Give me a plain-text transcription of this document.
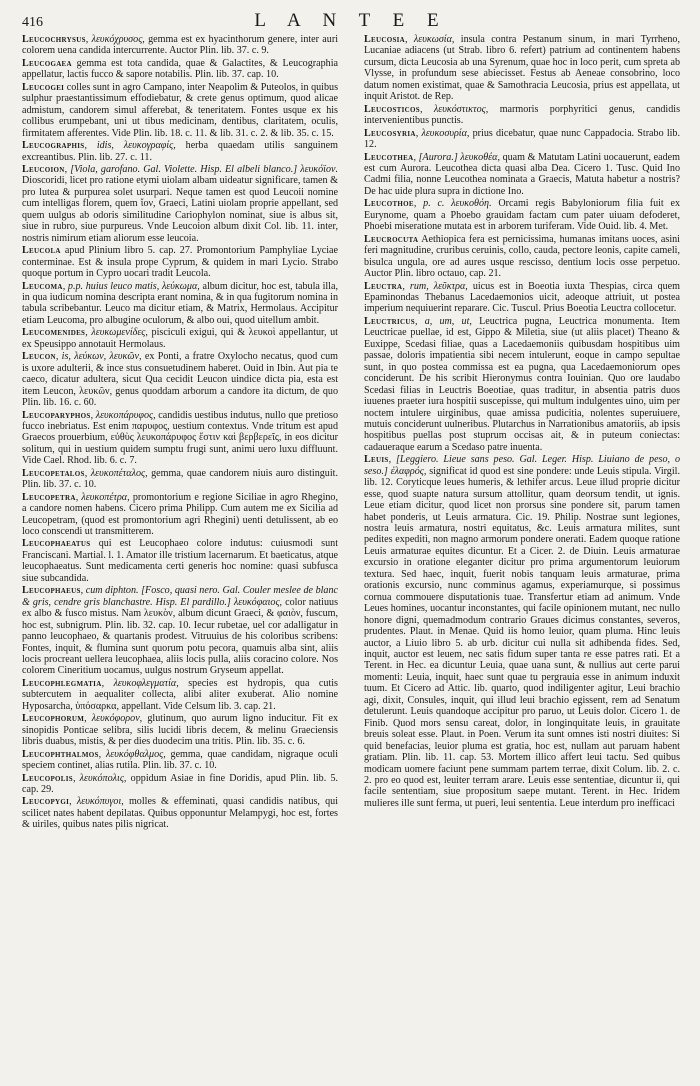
416	L A N T E E

Leucochrysus, λευκόχρυσος, gemma est ex hyacinthorum genere, inter auri colorem uena candida intercurrente. Auctor Plin. lib. 37. c. 9.

Leucogaea gemma est tota candida, quae & Galactites, & Leucographia appellatur, lactis fucco & sapore notabilis. Plin. lib. 37. cap. 10.

Leucogei colles sunt in agro Campano, inter Neapolim & Puteolos, in quibus sulphur praestantissimum effodiebatur, & crete genus optimum, quod alicae admistum, candorem simul afferebat, & teneritatem. Fontes usque ex his collibus erumpebant, uni ut tibus medicinam, dentibus, claritatem, oculis, firmitatem afferentes. Vide Plin. lib. 18. c. 11. & lib. 31. c. 2. & lib. 35. c. 15.

Leucographis, idis, λευκογραφίς, herba quaedam utilis sanguinem excreantibus. Plin. lib. 27. c. 11.

Leucoion, [Viola, garofano. Gal. Violette. Hisp. El albeli blanco.] λευκόϊον. Dioscoridi, licet pro ratione etymi uiolam albam uideatur significare, tamen & pro lutea & purpurea solet usurpari. Neque tamen est quod Leucoii nomine cum intelligas florem, quem ἴον, Graeci, Latini uiolam proprie appellant, sed quem uulgus ab odoris similitudine Cariophylon nominat, siue is albus sit, siue in rubro, siue purpureus. Vnde Leucoion album dixit Col. lib. 11. inter, nostris nimirum etiam aliorum esse leucoia.

Leucola apud Plinium libro 5. cap. 27. Promontorium Pamphyliae Lyciae conterminae. Est & insula prope Cyprum, & quidem in mari Lycio. Strabo quoque portum in Cypro uocari tradit Leucola.

Leucoma, p.p. huius leuco matis, λεύκωμα, album dicitur, hoc est, tabula illa, in qua iudicum nomina descripta erant nomina, & in qua fugitorum nomina in tabula scribebantur. Leuco ma dicitur etiam, & Matrix, Hermolaus. Accipitur etiam Leucoma, pro albugine oculorum, & albo oui, quod uitellum ambit.

Leucomenides, λευκωμενίδες, pisciculi exigui, qui & λευκοὶ appellantur, ut ex Speusippo annotauit Hermolaus.

Leucon, is, λεύκων, λευκῶν, ex Ponti, a fratre Oxylocho necatus, quod cum is uxore adulterii, & ince stus consuetudinem haberet. Ouid in Ibin. Aut pia te caeco, dicatur adultera, sicut Qua cecidit Leucon uindice dicta pia, esta est item Leucon, λευκῶν, genus quoddam arborum a candore ita dictum, de quo Plin. lib. 16. c. 60.

Leucoparyphos, λευκοπάρυφος, candidis uestibus indutus, nullo que pretioso fucco inebriatus. Est enim παρυφος, uestium contextus. Vnde tritum est apud Graecos prouerbium, εὐθὺς λευκοπάρυφος ἔστιν καὶ βερβερεῖς, in eos dicitur solitum, qui in uestium quidem sumptu frugi sunt, animi uero luxu diffluunt. Vide Cael. Rhod. lib. 6. c. 7.

Leucopetalos, λευκοπέταλος, gemma, quae candorem niuis auro distinguit. Plin. lib. 37. c. 10.

Leucopetra, λευκοπέτρα, promontorium e regione Siciliae in agro Rhegino, a candore nomen habens. Cicero prima Philipp. Cum autem me ex Sicilia ad Leucopetram, (quod est promontorium agri Rhegini) uenti detulissent, ab eo loco conscendi ut transmitterem.

Leucophaeatus qui est Leucophaeo colore indutus: cuiusmodi sunt Franciscani. Martial. l. 1. Amator ille tristium lacernarum. Et baeticatus, atque leucophaeatus. Sunt medicamenta certi generis hoc nomine: quasi subfusca siue subcandida.

Leucophaeus, cum diphton. [Fosco, quasi nero. Gal. Couler meslee de blanc & gris, cendre gris blanchastre. Hisp. El pardillo.] λευκόφαιος, color natiuus ex albo & fusco mistus. Nam λευκὸν, album dicunt Graeci, & φαιὸν, fuscum, hoc est, subnigrum. Plin. lib. 32. cap. 10. Iecur rubetae, uel cor adalligatur in panno leucophaeo, & quartanis prodest. Vitruuius de his coloribus scribens: Fontes, inquit, & flumina sunt quorum potu pecora, quamuis alba sint, aliis locis procreant uellera leucophaea, aliis locis pulla, aliis coracino colore. Nos colorem Cineritium uocamus, uulgus nostrum Gryseum appellat.

Leucophlegmatia, λευκοφλεγματία, species est hydropis, qua cutis subtercutem in aequaliter collecta, alibi aliter exuberat. Alio nomine Hyposarcha, ὑπόσαρκα, appellant. Vide Celsum lib. 3. cap. 21.

Leucophorum, λευκόφορον, glutinum, quo aurum ligno inducitur. Fit ex sinopidis Ponticae selibra, silis lucidi libris decem, & melinu Graeciensis libris duabus, mistis, & per dies duodecim una tritis. Plin. lib. 35. c. 6.

Leucophthalmos, λευκόφθαλμος, gemma, quae candidam, nigraque oculi speciem continet, alias rutila. Plin. lib. 37. c. 10.

Leucopolis, λευκόπολις, oppidum Asiae in fine Doridis, apud Plin. lib. 5. cap. 29.

Leucopygi, λευκόπυγοι, molles & effeminati, quasi candidis natibus, qui scilicet nates habent depilatas. Quibus opponuntur Melampygi, hoc est, fortes & uiriles, quibus nates pilis nigricat.

Leucosia, λευκωσία, insula contra Pestanum sinum, in mari Tyrrheno, Lucaniae adiacens (ut Strab. libro 6. refert) patrium ad continentem habens cursum, dicta Leucosia ab una Syrenum, quae hoc in loco perit, cum spreta ab Vlysse, in profundum sese abiecisset. Festus ab Aeneae consobrino, loco datum nomen existimat, quae & Samothracia Leucosia, prius est appellata, ut inquit Aristot. de Rep.

Leucosticos, λευκόστικτος, marmoris porphyritici genus, candidis intervenientibus punctis.

Leucosyria, λευκοσυρία, prius dicebatur, quae nunc Cappadocia. Strabo lib. 12.

Leucothea, [Aurora.] λευκοθέα, quam & Matutam Latini uocauerunt, eadem est cum Aurora. Leucothea dicta quasi alba Dea. Cicero 1. Tusc. Quid Ino Cadmi filia, nonne Leucothea nominata a Graecis, Matuta habetur a nostris? De hac uide plura supra in dictione Ino.

Leucothoe, p. c. λευκοθόη. Orcami regis Babyloniorum filia fuit ex Eurynome, quam a Phoebo grauidam factam cum pater uiuam defoderet, Phoebi miseratione mutata est in arborem turiferam. Vide Ouid. lib. 4. Met.

Leucrocuta Aethiopica fera est pernicissima, humanas imitans uoces, asini feri magnitudine, cruribus ceruinis, collo, cauda, pectore leonis, capite cameli, bisulca ungula, ore ad aures usque rescisso, dentium locis osse perpetuo. Auctor Plin. libro octauo, cap. 21.

Leuctra, rum, λεῦκτρα, uicus est in Boeotia iuxta Thespias, circa quem Epaminondas Thebanus Lacedaemonios uicit, adeoque attriuit, ut postea imperium nequiuerint reparare. Cic. Tuscul. Prius Boeotia Leuctra collocetur.

Leuctricus, a, um, ut, Leuctrica pugna, Leuctrica monumenta. Item Leuctricae puellae, id est, Gippo & Miletia, siue (ut aliis placet) Theano & Euxippe, Scedasi filiae, quas a Lacedaemoniis quibusdam hospitibus uim passae, doloris impatientia sibi necem intulerunt, eoque in campo sepultae sunt, in quo postea commissa est ea pugna, qua Lacedaemoniorum opes conciderunt. De his scribit Hieronymus contra Iouinian. Quo ore laudabo Scedasi filias in Leuctris Boeotiae, quas traditur, in absentia patris duos iuuenes praeter iura hospitii suscepisse, qui multum indulgentes uino, uim per noctem intulere uirginibus, quae amissa pudicitia, nolentes superuiuere, mutuis conciderunt uulneribus. Plutarchus in Narrationibus amatoriis, ab ipsis hospitibus puellas post stuprum occisas ait, & in puteum coniectas: cadaueraque earum a Scedaso patre inuenta.

Leuis, [Leggiero. Lieue sans peso. Gal. Leger. Hisp. Liuiano de peso, o seso.] ἐλαφρός, significat id quod est sine pondere: unde Leuis stipula. Virgil. lib. 12. Coryticque leues humeris, & lethifer arcus. Leue illud proprie dicitur esse, quod suapte natura sursum attollitur, quam deorsum tendit, ut ignis. Leue etiam dicitur, quod licet non prorsus sine pondere sit, parum tamen habet ponderis, ut Leuis armatura. Cic. 19. Philip. Nostrae sunt legiones, nostra leuis armatura, nostri equitatus, &c. Leuis armatura milites, sunt pedites expediti, non magno armorum pondere onerati. Eadem quoque ratione Leuis armaturae equites dicuntur. Et a Cicer. 2. de Diuin. Leuis armaturae excursio in oratione eleganter dicitur pro prima argumentorum leuiorum textura. Sed haec, inquit, fuerit nobis tanquam leuis armaturae, prima orationis excursio, nunc comminus agamus, experiamurque, si possimus cornua commouere disputationis tuae. Transfertur etiam ad animum. Vnde Leues homines, uocantur inconstantes, qui facile opinionem mutant, nec nullo honore digni, quemadmodum contrario Graues dicimus constantes, severos, prudentes. Plaut. in Menae. Quid iis homo leuior, quam pluma. Hinc leuis auctor, a Liuio libro 5. ab urb. dicitur cui nulla sit adhibenda fides. Sed, inquit, auctor est leuem, nec satis fidum super tanta re esse patres rati. Et a Terent. in Hec. ea dicuntur Leuia, quae uana sunt, & nullius aut certe parui momenti: Leuia, inquit, haec sunt quae tu pergrauia esse in animum induxit tuum. Et Cicero ad Attic. lib. quarto, quod indiligenter agitur, Leui brachio agi, dixit, Consules, inquit, qui illud leui brachio egissent, rem ad Senatum detulerunt. Leuis quandoque accipitur pro paruo, ut Leuis dolor. Cicero 1. de Finib. Quod mors sensu careat, dolor, in longinquitate leuis, in grauitate breuis soleat esse. Plaut. in Poen. Verum ita sunt omnes isti nostri diuites: Si quid benefacias, leuior pluma est gratia, hoc est, nullam aut paruam habent gratiam. Plin. lib. 11. cap. 53. Mortem illico affert leui tactu. Sed quibus modicam uomere faciunt pene summam partem terrae, dixit Colum. lib. 2. c. 2. pro eo quod est, leuiter terram arare. Leuis esse sententiae, dicuntur ii, qui facile sententiam, siue propositum saepe mutant. Terent. in Hec. Iridem mulieres ille sunt ferma, ut pueri, leui sententia. Leue interdum pro inefficaci
